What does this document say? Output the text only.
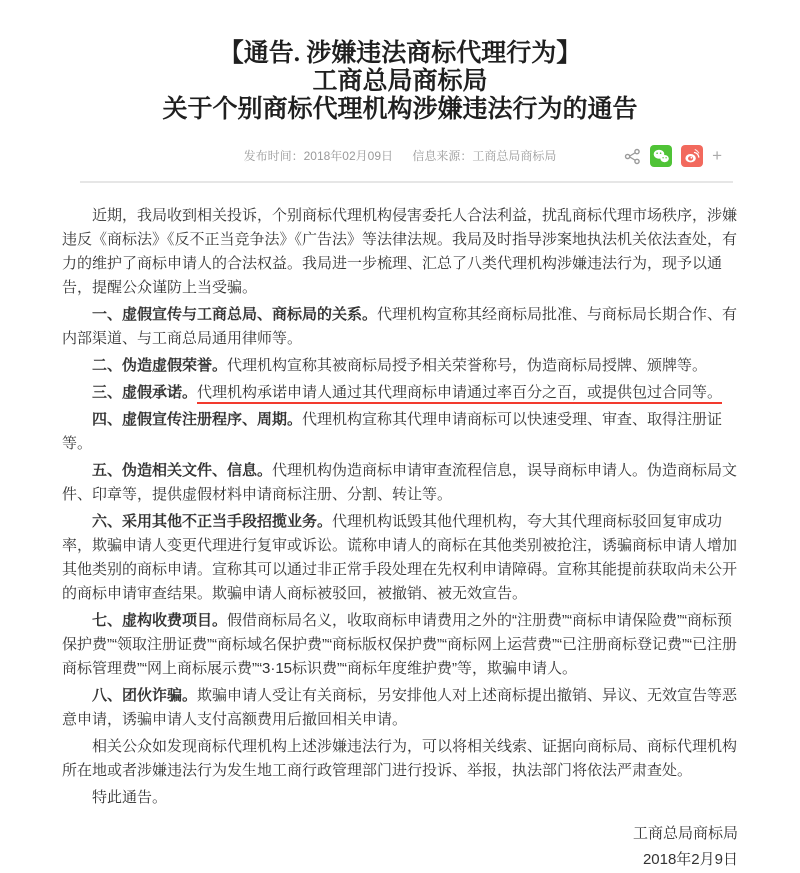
【通告. 涉嫌违法商标代理行为】
工商总局商标局
关于个别商标代理机构涉嫌违法行为的通告
发布时间：2018年02月09日 信息来源：工商总局商标局	+

近期，我局收到相关投诉，个别商标代理机构侵害委托人合法利益，扰乱商标代理市场秩序，涉嫌违反《商标法》《反不正当竞争法》《广告法》等法律法规。我局及时指导涉案地执法机关依法查处，有力的维护了商标申请人的合法权益。我局进一步梳理、汇总了八类代理机构涉嫌违法行为，现予以通告，提醒公众谨防上当受骗。

一、虚假宣传与工商总局、商标局的关系。代理机构宣称其经商标局批准、与商标局长期合作、有内部渠道、与工商总局通用律师等。

二、伪造虚假荣誉。代理机构宣称其被商标局授予相关荣誉称号，伪造商标局授牌、颁牌等。

三、虚假承诺。代理机构承诺申请人通过其代理商标申请通过率百分之百，或提供包过合同等。

四、虚假宣传注册程序、周期。代理机构宣称其代理申请商标可以快速受理、审查、取得注册证等。

五、伪造相关文件、信息。代理机构伪造商标申请审查流程信息，误导商标申请人。伪造商标局文件、印章等，提供虚假材料申请商标注册、分割、转让等。

六、采用其他不正当手段招揽业务。代理机构诋毁其他代理机构，夸大其代理商标驳回复审成功率，欺骗申请人变更代理进行复审或诉讼。谎称申请人的商标在其他类别被抢注，诱骗商标申请人增加其他类别的商标申请。宣称其可以通过非正常手段处理在先权利申请障碍。宣称其能提前获取尚未公开的商标申请审查结果。欺骗申请人商标被驳回，被撤销、被无效宣告。

七、虚构收费项目。假借商标局名义，收取商标申请费用之外的“注册费”“商标申请保险费”“商标预保护费”“领取注册证费”“商标域名保护费”“商标版权保护费”“商标网上运营费”“已注册商标登记费”“已注册商标管理费”“网上商标展示费”“3·15标识费”“商标年度维护费”等，欺骗申请人。

八、团伙诈骗。欺骗申请人受让有关商标，另安排他人对上述商标提出撤销、异议、无效宣告等恶意申请，诱骗申请人支付高额费用后撤回相关申请。

相关公众如发现商标代理机构上述涉嫌违法行为，可以将相关线索、证据向商标局、商标代理机构所在地或者涉嫌违法行为发生地工商行政管理部门进行投诉、举报，执法部门将依法严肃查处。

特此通告。

工商总局商标局
2018年2月9日
